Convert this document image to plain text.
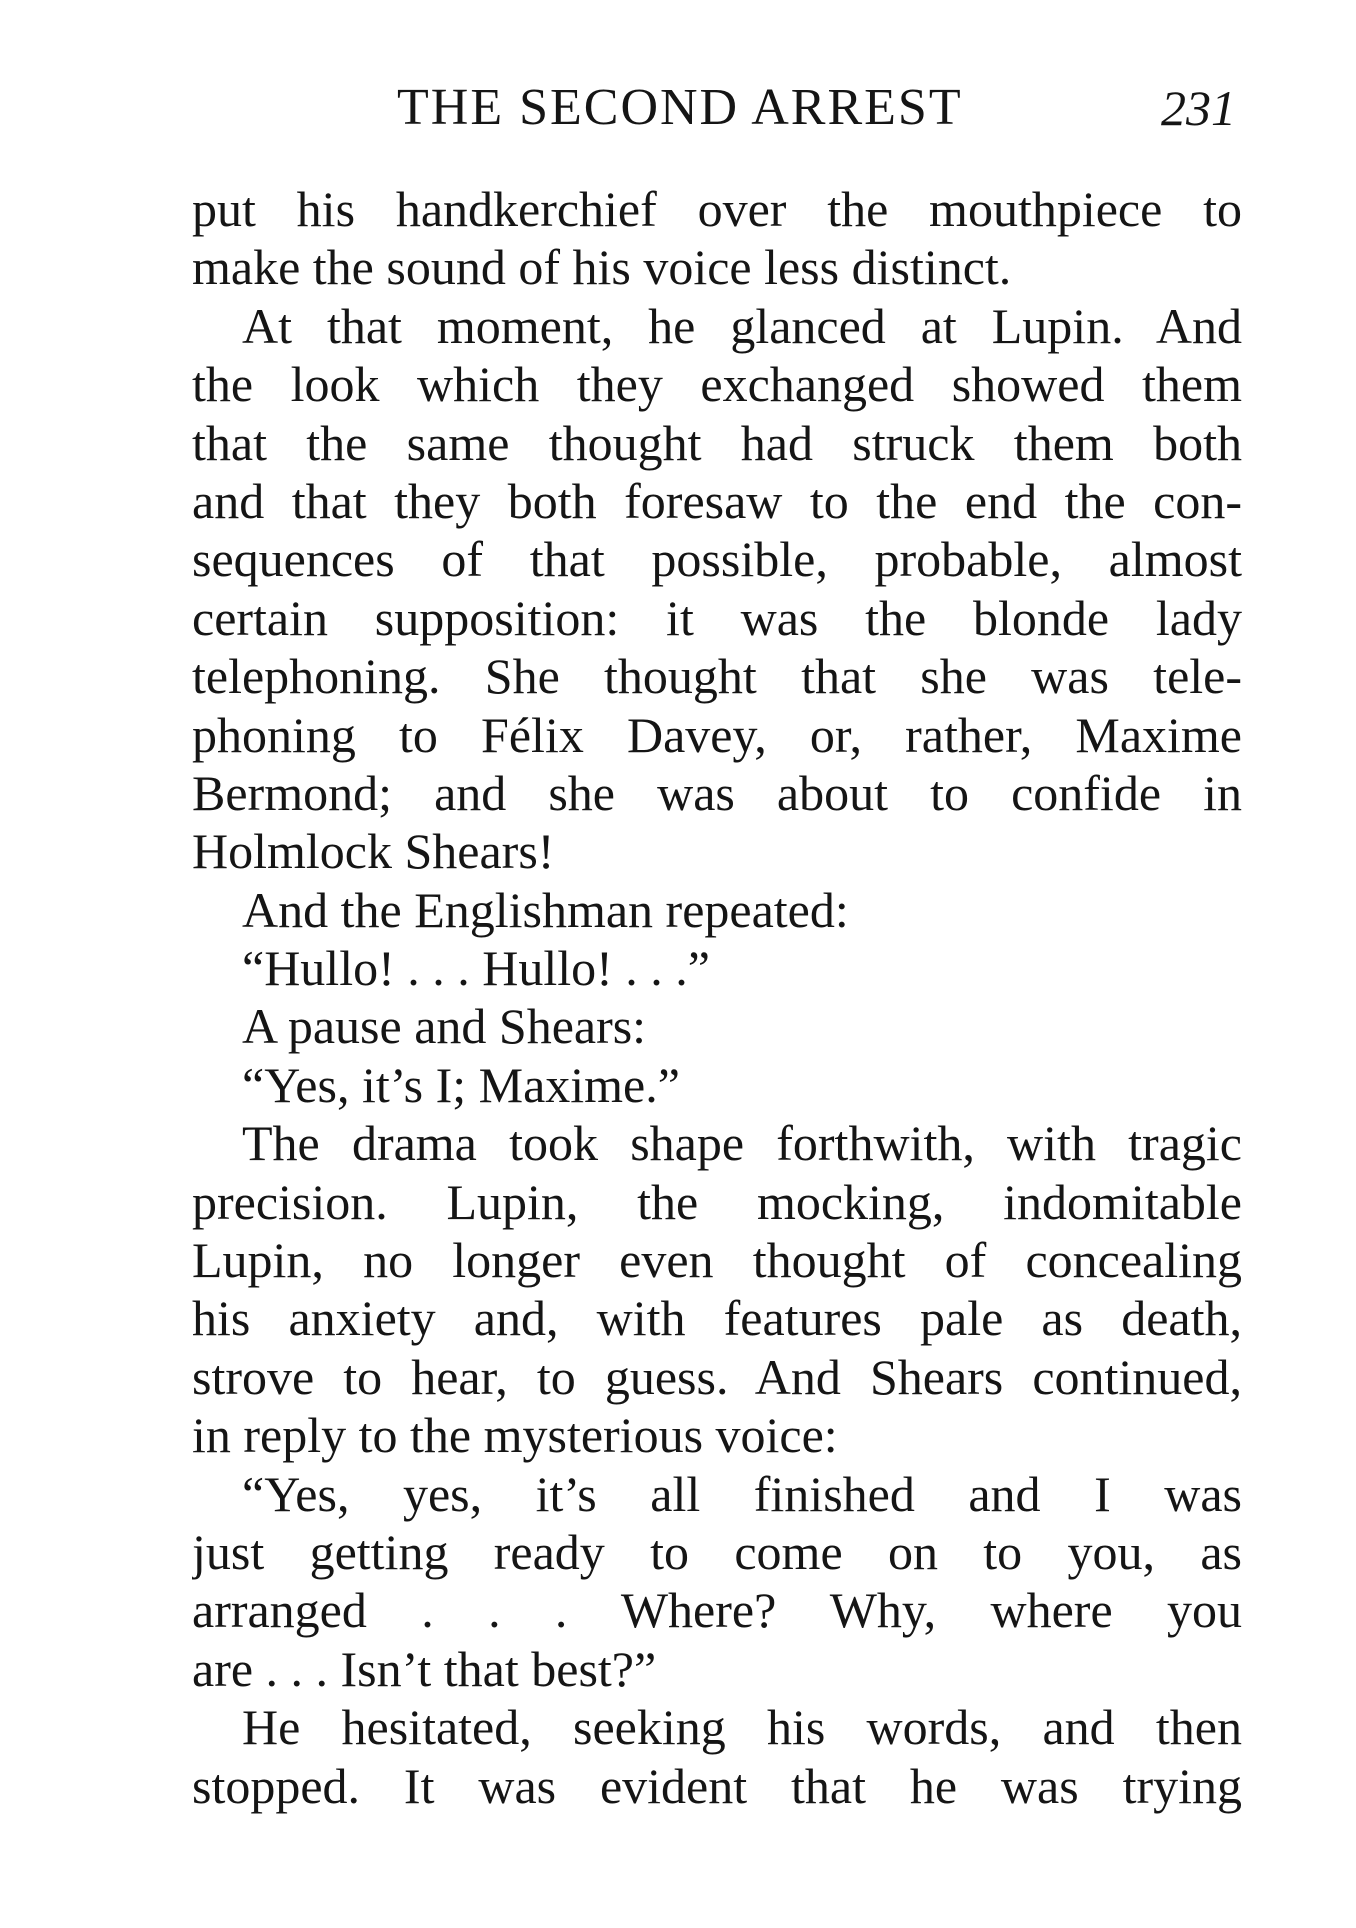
THE SECOND ARREST	231
put his handkerchief over the mouthpiece to
make the sound of his voice less distinct.
At that moment, he glanced at Lupin. And
the look which they exchanged showed them
that the same thought had struck them both
and that they both foresaw to the end the con-
sequences of that possible, probable, almost
certain supposition: it was the blonde lady
telephoning. She thought that she was tele-
phoning to Félix Davey, or, rather, Maxime
Bermond; and she was about to confide in
Holmlock Shears!
And the Englishman repeated:
“Hullo! . . . Hullo! . . .”
A pause and Shears:
“Yes, it’s I; Maxime.”
The drama took shape forthwith, with tragic
precision. Lupin, the mocking, indomitable
Lupin, no longer even thought of concealing
his anxiety and, with features pale as death,
strove to hear, to guess. And Shears continued,
in reply to the mysterious voice:
“Yes, yes, it’s all finished and I was
just getting ready to come on to you, as
arranged . . . Where? Why, where you
are . . . Isn’t that best?”
He hesitated, seeking his words, and then
stopped. It was evident that he was trying
